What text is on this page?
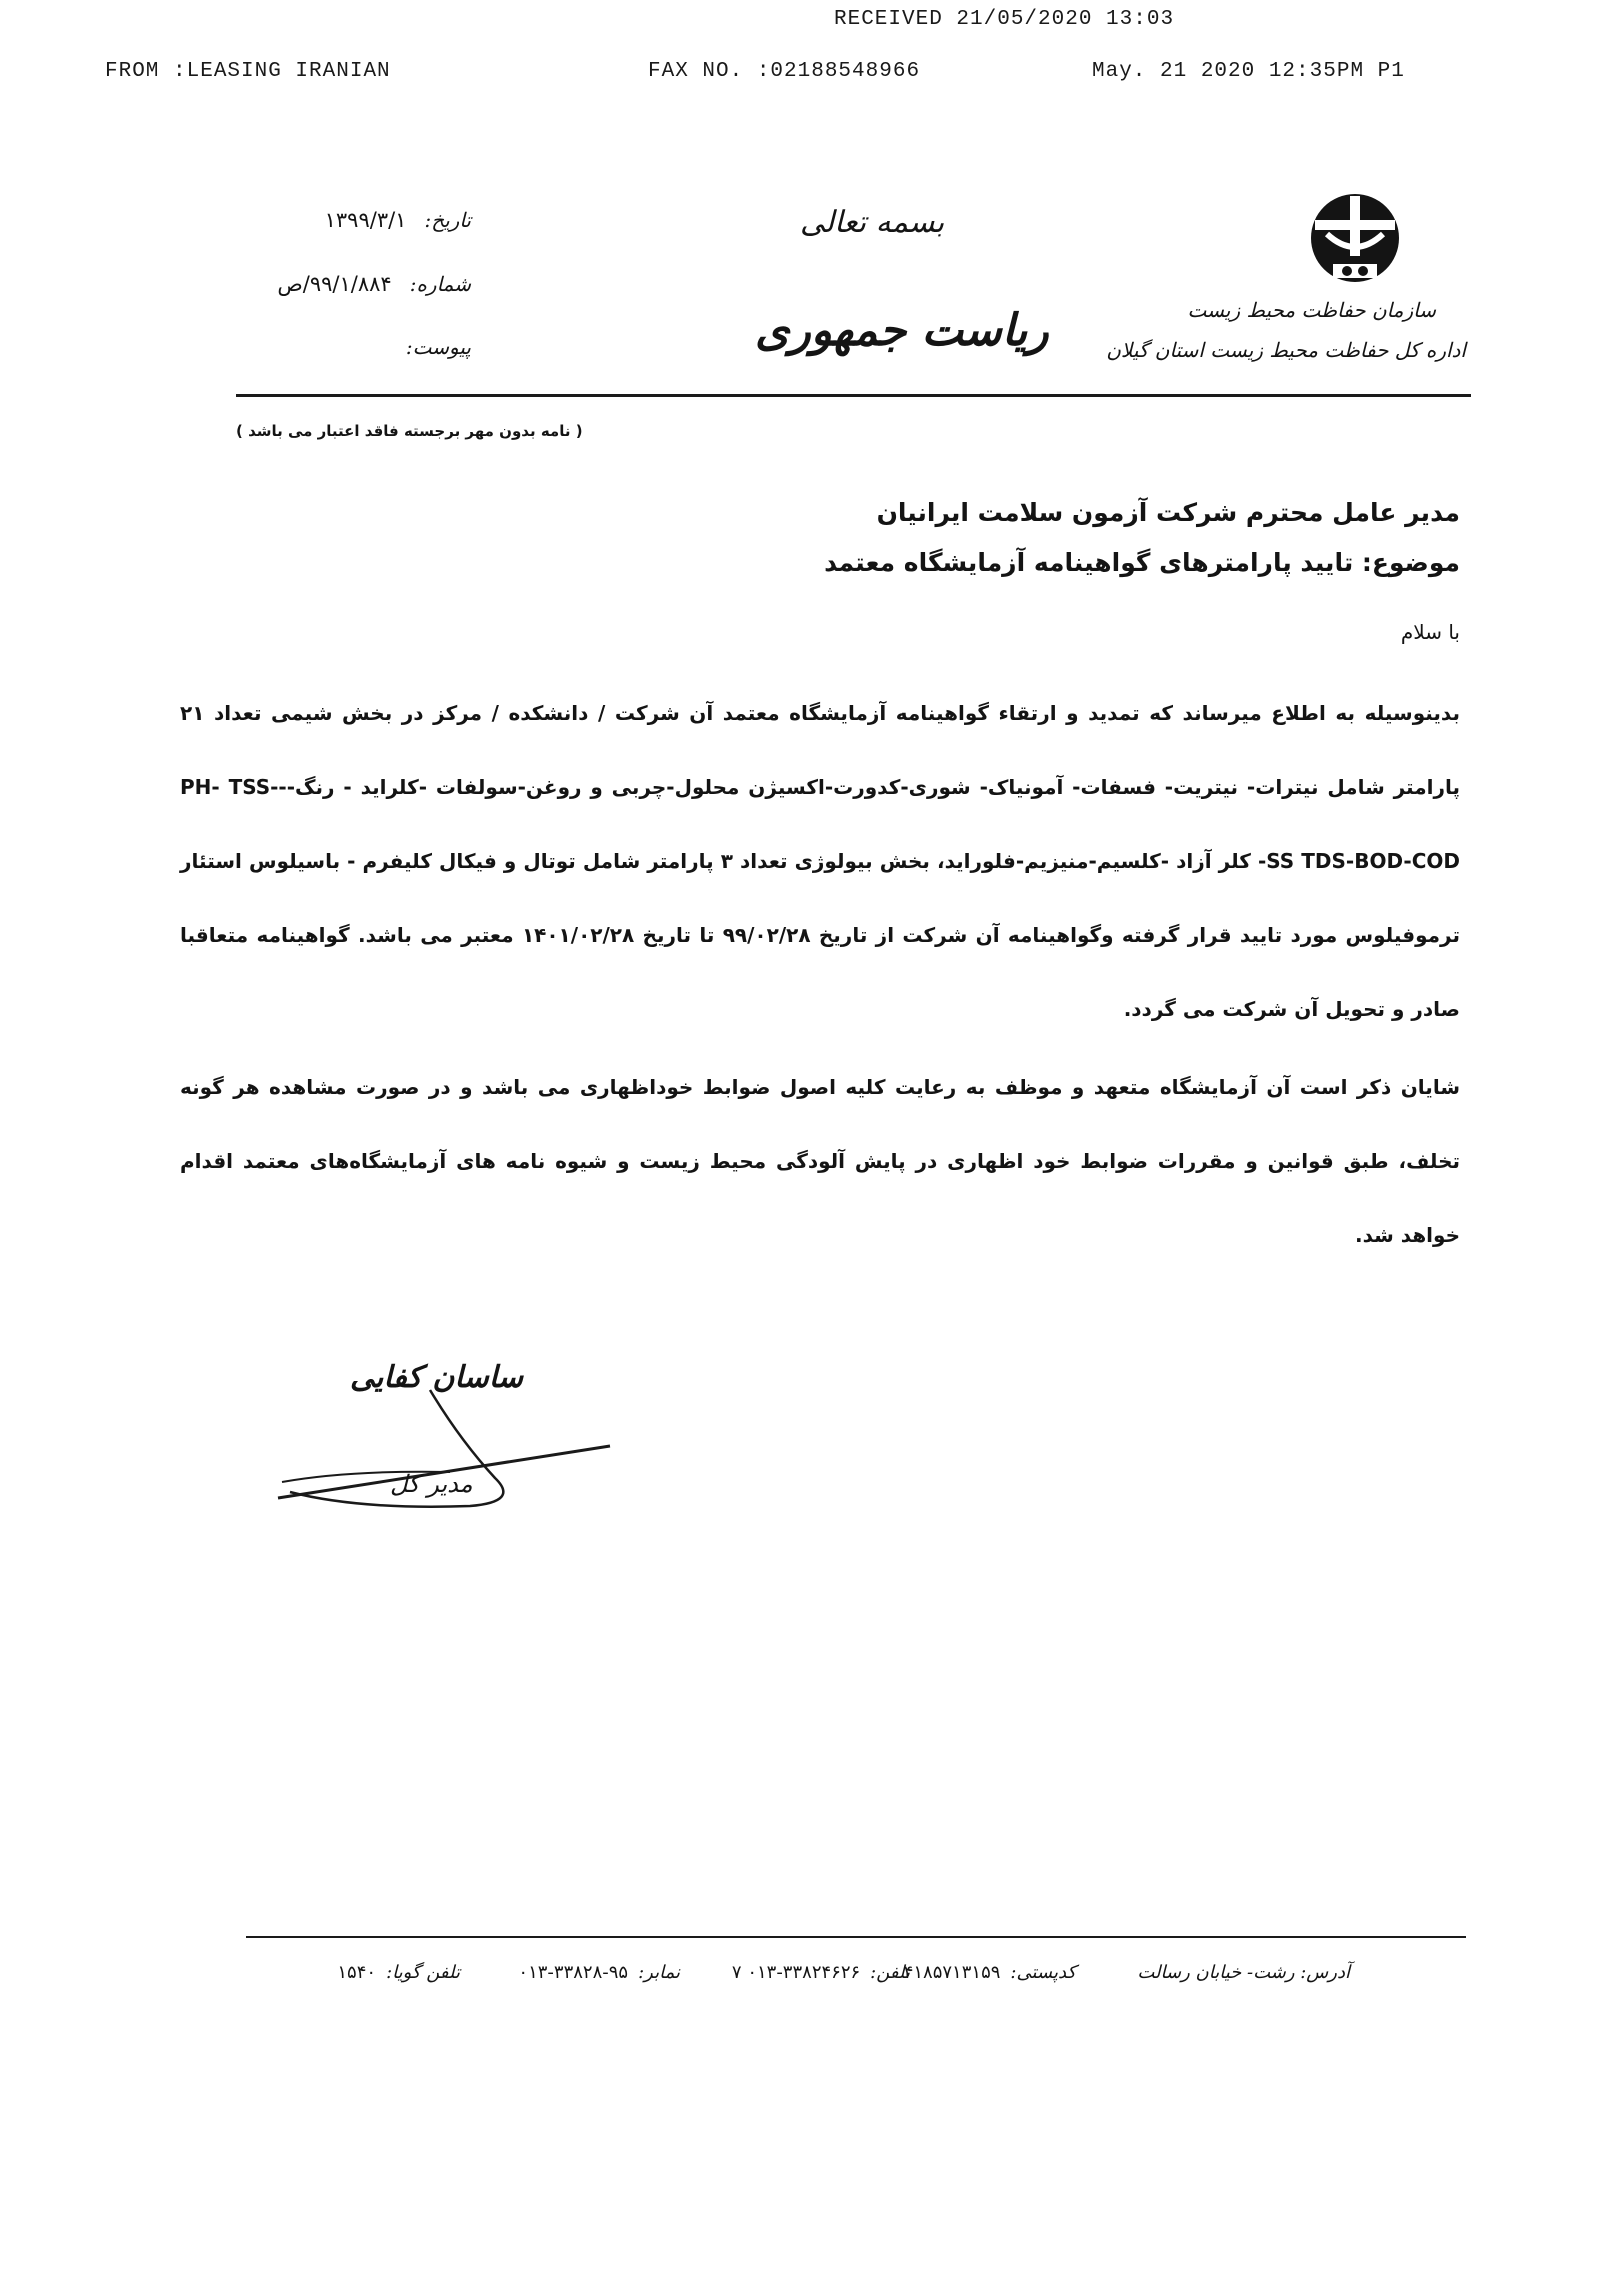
RECEIVED 21/05/2020 13:03
FROM :LEASING IRANIAN	FAX NO. :02188548966	May. 21 2020 12:35PM P1
سازمان حفاظت محیط زیست
اداره کل حفاظت محیط زیست استان گیلان
بسمه تعالی
ریاست جمهوری
تاریخ:
۱۳۹۹/۳/۱
شماره:
۹۹/۱/۸۸۴/ص
پیوست:
( نامه بدون مهر برجسته فاقد اعتبار می باشد )
مدیر عامل محترم شرکت آزمون سلامت ایرانیان
موضوع: تایید پارامترهای گواهینامه آزمایشگاه معتمد
با سلام
بدینوسیله به اطلاع میرساند که تمدید و ارتقاء گواهینامه آزمایشگاه معتمد آن شرکت / دانشکده / مرکز در بخش شیمی تعداد ۲۱ پارامتر شامل نیترات- نیتریت- فسفات- آمونیاک- شوری-کدورت-اکسیژن محلول-چربی و روغن-سولفات -کلراید - رنگ--PH- TSS-SS TDS-BOD-COD- کلر آزاد -کلسیم-منیزیم-فلوراید، بخش بیولوژی تعداد ۳ پارامتر شامل توتال و فیکال کلیفرم - باسیلوس استئار ترموفیلوس مورد تایید قرار گرفته وگواهینامه آن شرکت از تاریخ ۹۹/۰۲/۲۸ تا تاریخ ۱۴۰۱/۰۲/۲۸ معتبر می باشد. گواهینامه متعاقبا صادر و تحویل آن شرکت می گردد.
شایان ذکر است آن آزمایشگاه متعهد و موظف به رعایت کلیه اصول ضوابط خوداظهاری می باشد و در صورت مشاهده هر گونه تخلف، طبق قوانین و مقررات ضوابط خود اظهاری در پایش آلودگی محیط زیست و شیوه نامه های آزمایشگاه‌های معتمد اقدام خواهد شد.
ساسان کفایی
مدیر کل
آدرس: رشت- خیابان رسالت
کدپستی:
۴۱۸۵۷۱۳۱۵۹
تلفن:
۰۱۳-۳۳۸۲۴۶۲۶ ۷
نمابر:
۰۱۳-۳۳۸۲۸-۹۵
تلفن گویا:
۱۵۴۰
